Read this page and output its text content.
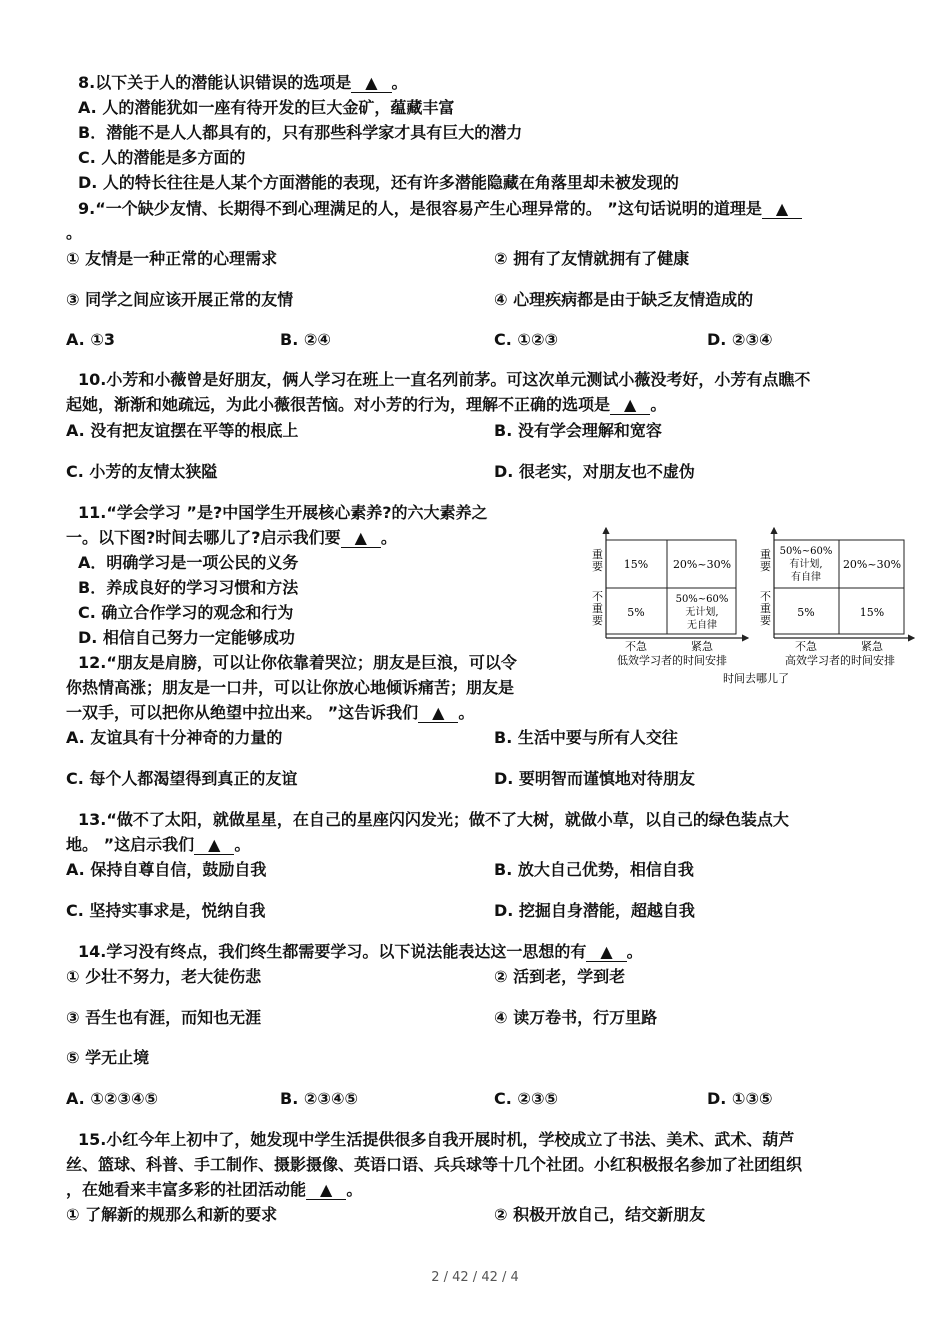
8.以下关于人的潜能认识错误的选项是 ▲ 。
A. 人的潜能犹如一座有待开发的巨大金矿，蕴藏丰富
B．潜能不是人人都具有的，只有那些科学家才具有巨大的潜力
C. 人的潜能是多方面的
D. 人的特长往往是人某个方面潜能的表现，还有许多潜能隐藏在角落里却未被发现的
9.“一个缺少友情、长期得不到心理满足的人，是很容易产生心理异常的。 ”这句话说明的道理是 ▲
。
① 友情是一种正常的心理需求	② 拥有了友情就拥有了健康
③ 同学之间应该开展正常的友情	④ 心理疾病都是由于缺乏友情造成的
A. ①3	B. ②④	C. ①②③	D. ②③④
10.小芳和小薇曾是好朋友，俩人学习在班上一直名列前茅。可这次单元测试小薇没考好，小芳有点瞧不
起她，渐渐和她疏远，为此小薇很苦恼。对小芳的行为，理解不正确的选项是 ▲ 。
A. 没有把友谊摆在平等的根底上	B. 没有学会理解和宽容
C. 小芳的友情太狭隘	D. 很老实，对朋友也不虚伪
11.“学会学习 ”是?中国学生开展核心素养?的六大素养之
一。以下图?时间去哪儿了?启示我们要 ▲ 。
A．明确学习是一项公民的义务
B．养成良好的学习习惯和方法
C. 确立合作学习的观念和行为
D. 相信自己努力一定能够成功
重要
不重要
15% 20%~30%
5%
50%~60%
无计划,
无自律
不急	紧急
低效学习者的时间安排
重要
不重要
50%~60%
有计划,
有自律
20%~30%
5%	15%
不急	紧急
高效学习者的时间安排
时间去哪儿了
12.“朋友是肩膀，可以让你依靠着哭泣；朋友是巨浪，可以令
你热情高涨；朋友是一口井，可以让你放心地倾诉痛苦；朋友是
一双手，可以把你从绝望中拉出来。 ”这告诉我们 ▲ 。
A. 友谊具有十分神奇的力量的	B. 生活中要与所有人交往
C. 每个人都渴望得到真正的友谊	D. 要明智而谨慎地对待朋友
13.“做不了太阳，就做星星，在自己的星座闪闪发光；做不了大树，就做小草，以自己的绿色装点大
地。 ”这启示我们 ▲ 。
A. 保持自尊自信，鼓励自我	B. 放大自己优势，相信自我
C. 坚持实事求是，悦纳自我	D. 挖掘自身潜能，超越自我
14.学习没有终点，我们终生都需要学习。以下说法能表达这一思想的有 ▲ 。
① 少壮不努力，老大徒伤悲	② 活到老，学到老
③ 吾生也有涯，而知也无涯	④ 读万卷书，行万里路
⑤ 学无止境
A. ①②③④⑤	B. ②③④⑤	C. ②③⑤	D. ①③⑤
15.小红今年上初中了，她发现中学生活提供很多自我开展时机，学校成立了书法、美术、武术、葫芦
丝、篮球、科普、手工制作、摄影摄像、英语口语、兵兵球等十几个社团。小红积极报名参加了社团组织
，在她看来丰富多彩的社团活动能 ▲ 。
① 了解新的规那么和新的要求	② 积极开放自己，结交新朋友
2 / 42 / 42 / 4
